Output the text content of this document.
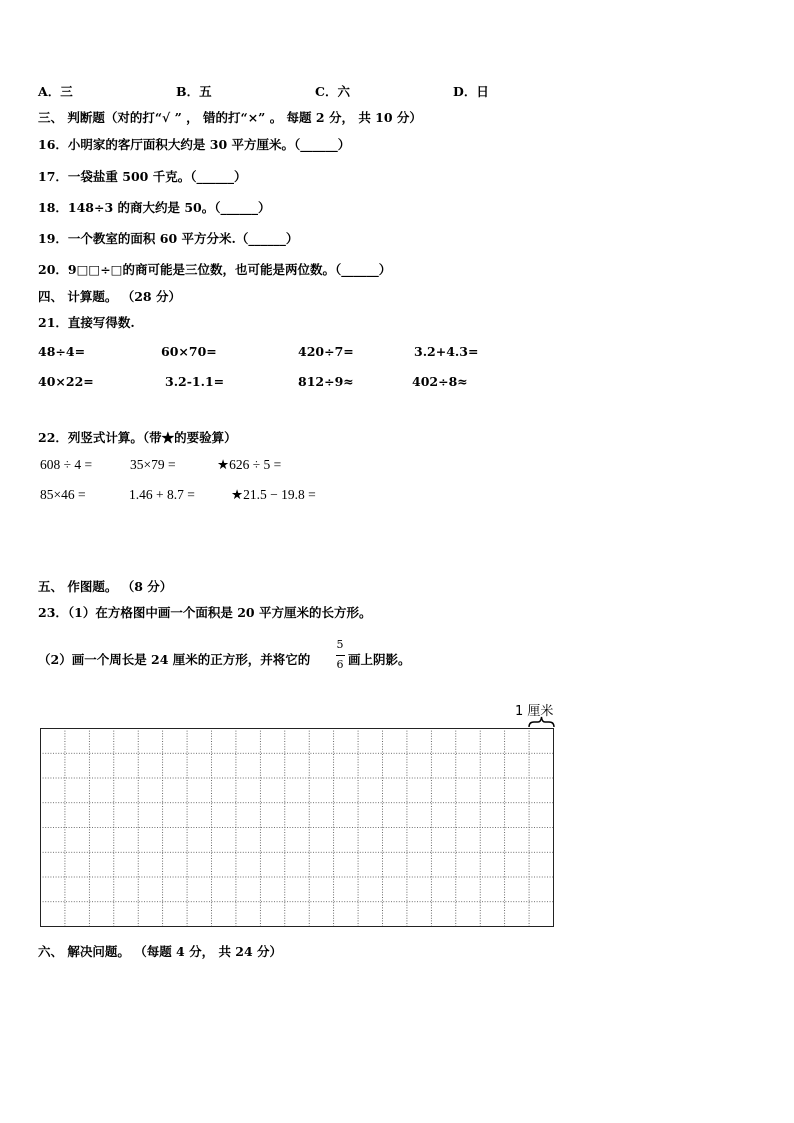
A．三	B．五	C．六	D．日
三、 判断题（对的打“√ ” ， 错的打“×” 。 每题 2 分， 共 10 分）
16．小明家的客厅面积大约是 30 平方厘米。（______）
17．一袋盐重 500 千克。（______）
18．148÷3 的商大约是 50。（______）
19．一个教室的面积 60 平方分米.（______）
20．9□□÷□的商可能是三位数，也可能是两位数。（______）
四、 计算题。 （28 分）
21．直接写得数.
48÷4=	60×70=	420÷7=	3.2+4.3=
40×22=	3.2-1.1=	812÷9≈	402÷8≈
22．列竖式计算。（带★的要验算）
608 ÷ 4 =	35×79 =	★626 ÷ 5 =
85×46 =	1.46 + 8.7 =	★21.5 − 19.8 =
五、 作图题。 （8 分）
23．（1）在方格图中画一个面积是 20 平方厘米的长方形。
（2）画一个周长是 24 厘米的正方形，并将它的
5
6 画上阴影。
1 厘米
六、 解决问题。 （每题 4 分， 共 24 分）
